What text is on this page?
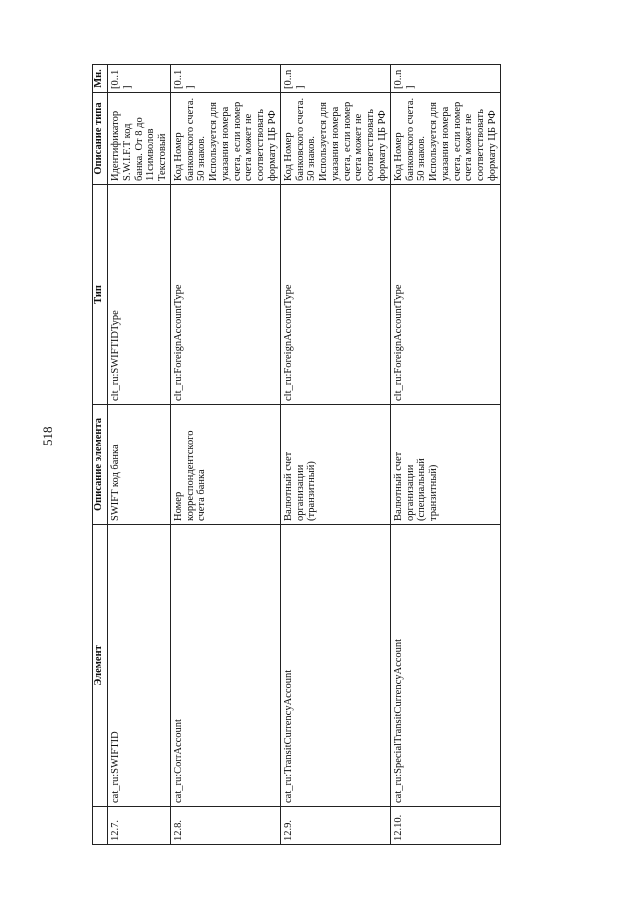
518
	Элемент	Описание элемента	Тип	Описание типа	Мн.
12.7.	cat_ru:SWIFTID	SWIFT код банка	clt_ru:SWIFTIDType	Идентификатор S.W.I.F.T код банка. От 8 до 11символов Текстовый	[0..1]
12.8.	cat_ru:CorrAccount	Номер корреспондентского счета банка	clt_ru:ForeignAccountType	Код Номер банковского счета. 50 знаков. Используется для указания номера счета, если номер счета может не соответствовать формату ЦБ РФ	[0..1]
12.9.	cat_ru:TransitCurrencyAccount	Валютный счет организации (транзитный)	clt_ru:ForeignAccountType	Код Номер банковского счета. 50 знаков. Используется для указания номера счета, если номер счета может не соответствовать формату ЦБ РФ	[0..n]
12.10.	cat_ru:SpecialTransitCurrencyAccount	Валютный счет организации (специальный транзитный)	clt_ru:ForeignAccountType	Код Номер банковского счета. 50 знаков. Используется для указания номера счета, если номер счета может не соответствовать формату ЦБ РФ	[0..n]
